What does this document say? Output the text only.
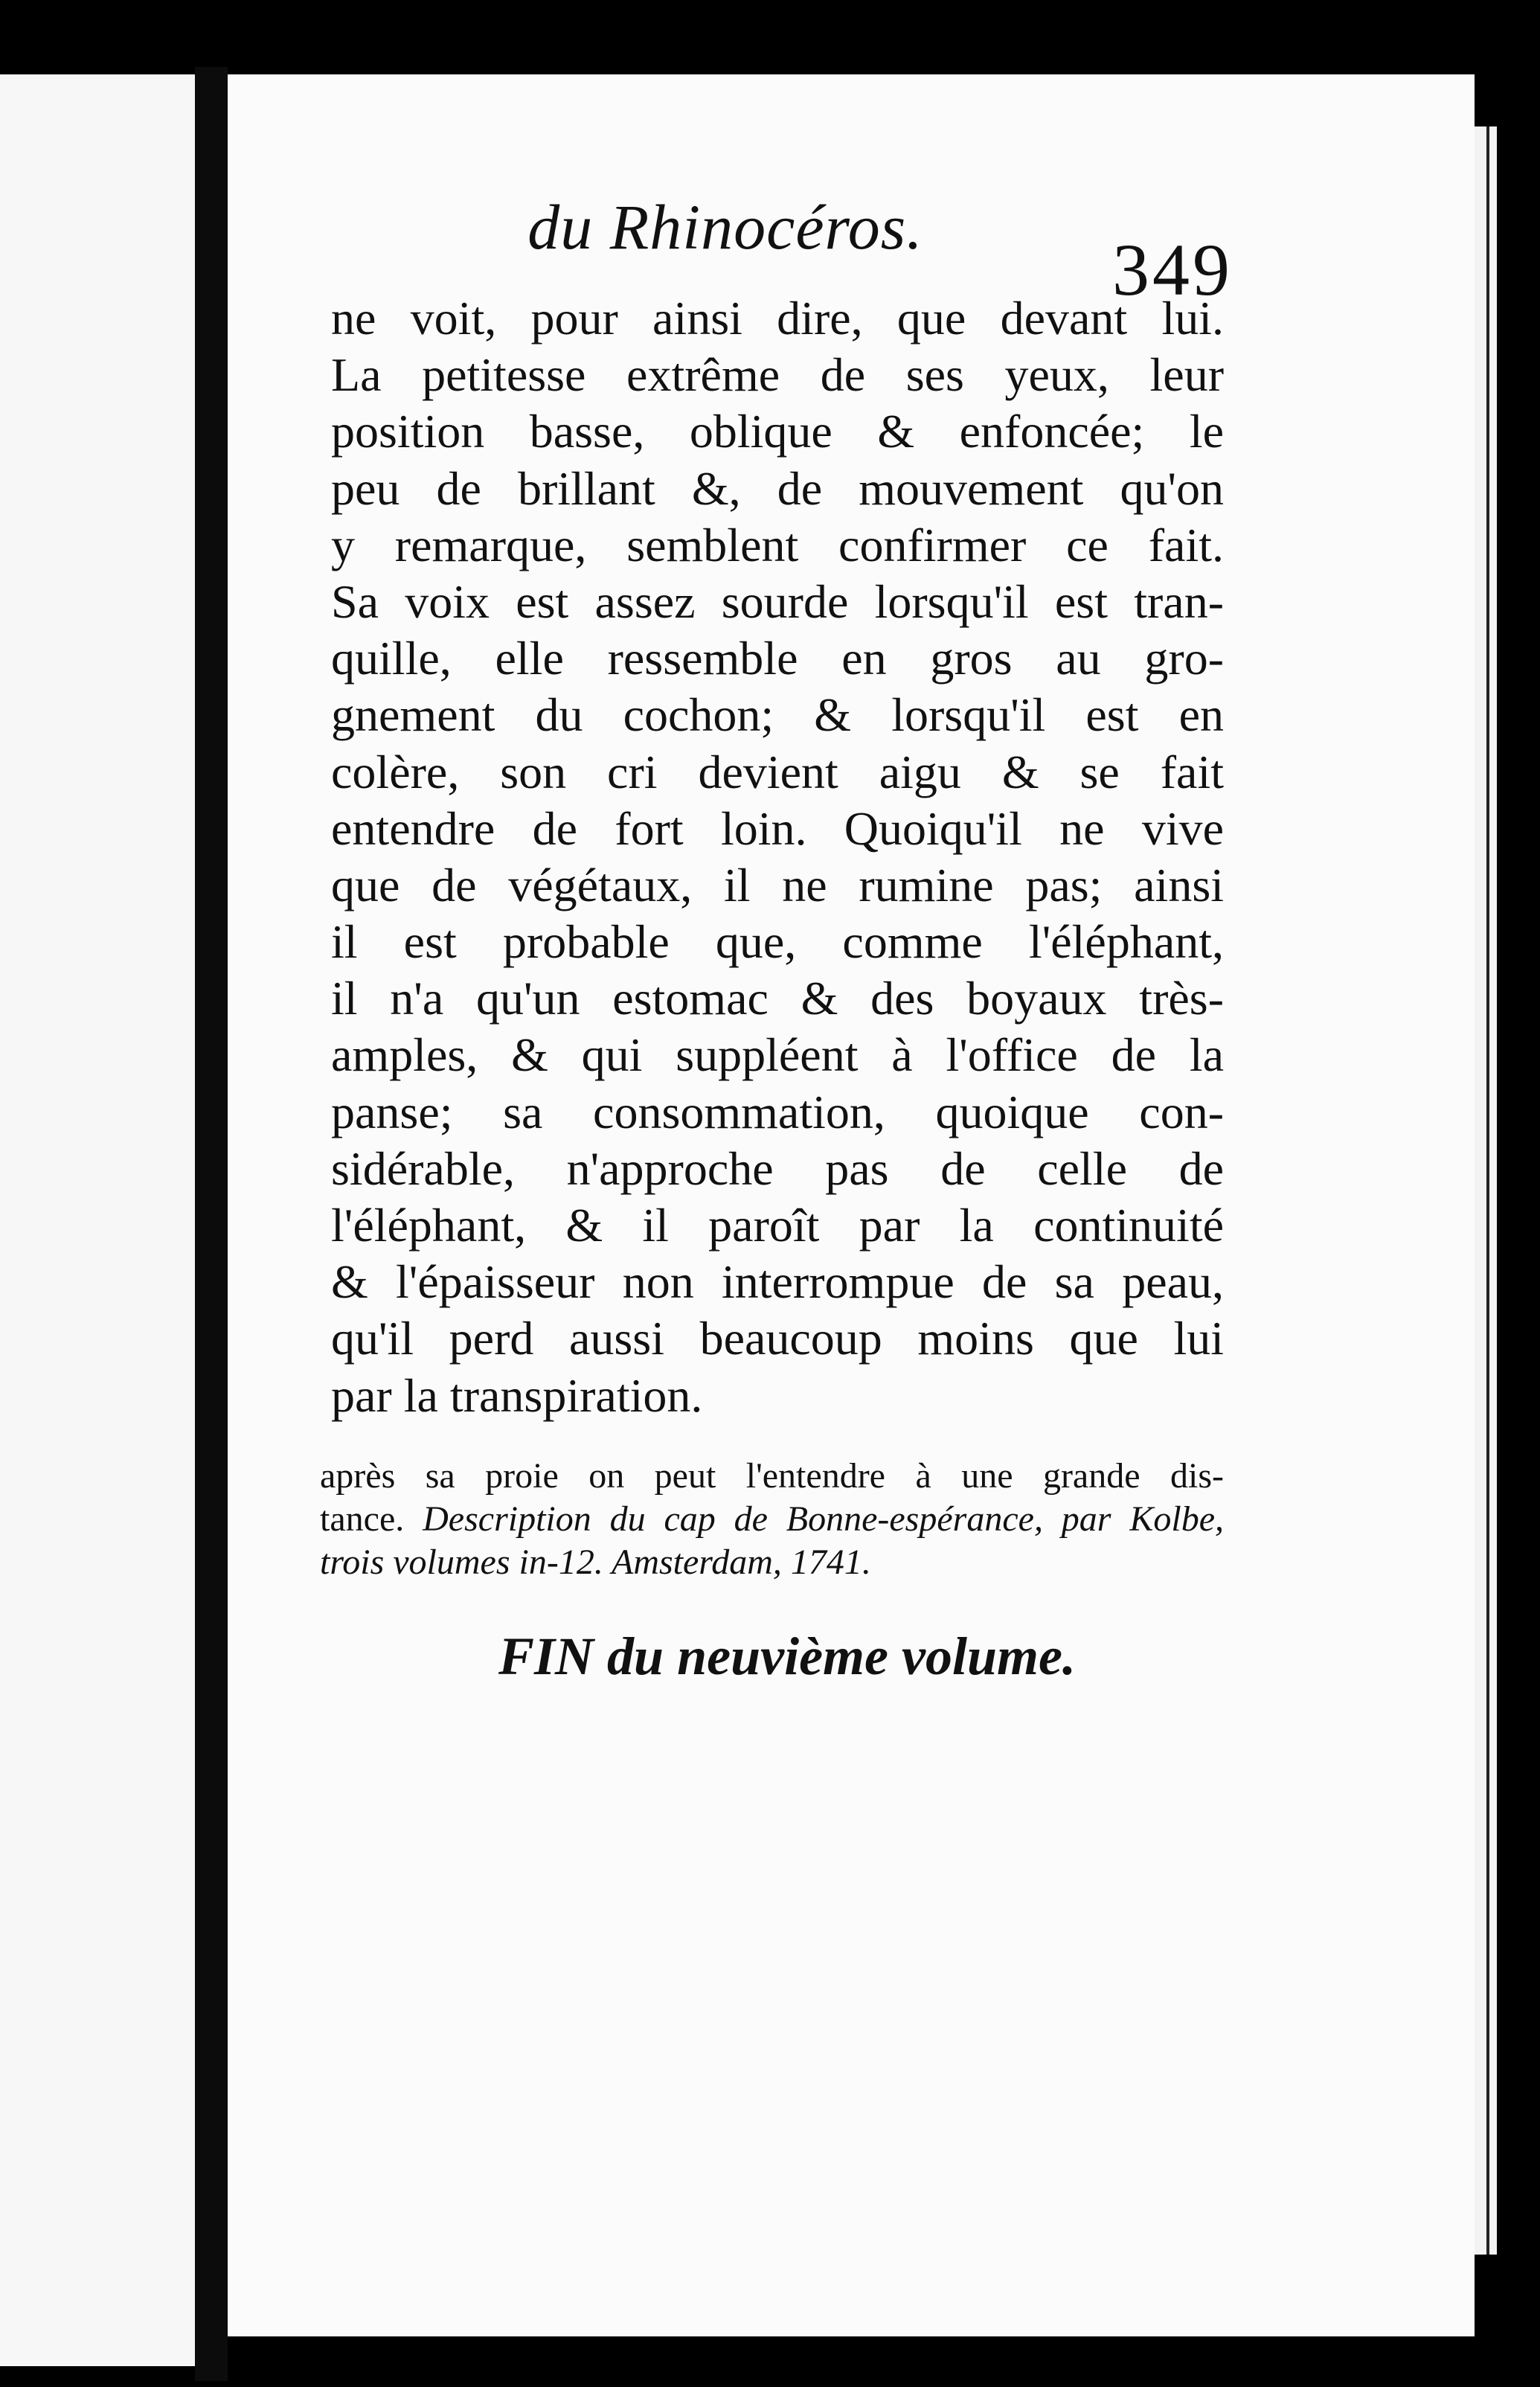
du Rhinocéros.
349
ne voit, pour ainsi dire, que devant lui.
La petitesse extrême de ses yeux, leur
position basse, oblique & enfoncée; le
peu de brillant &, de mouvement qu'on
y remarque, semblent confirmer ce fait.
Sa voix est assez sourde lorsqu'il est tran-
quille, elle ressemble en gros au gro-
gnement du cochon; & lorsqu'il est en
colère, son cri devient aigu & se fait
entendre de fort loin. Quoiqu'il ne vive
que de végétaux, il ne rumine pas; ainsi
il est probable que, comme l'éléphant,
il n'a qu'un estomac & des boyaux très-
amples, & qui suppléent à l'office de la
panse; sa consommation, quoique con-
sidérable, n'approche pas de celle de
l'éléphant, & il paroît par la continuité
& l'épaisseur non interrompue de sa peau,
qu'il perd aussi beaucoup moins que lui
par la transpiration.
après sa proie on peut l'entendre à une grande dis-
tance. Description du cap de Bonne-espérance, par Kolbe,
trois volumes in-12. Amsterdam, 1741.
FIN du neuvième volume.
